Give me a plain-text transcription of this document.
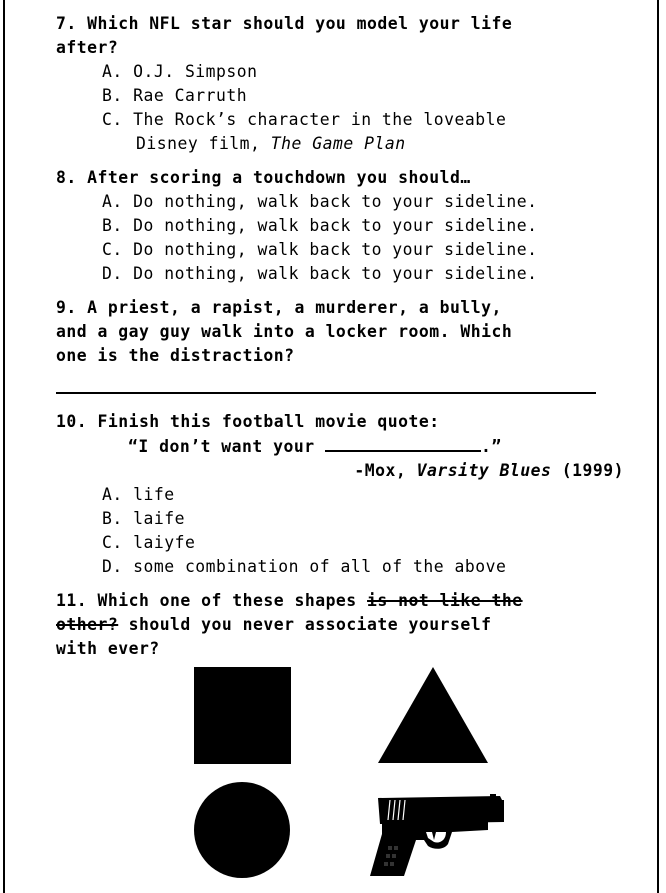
7. Which NFL star should you model your life

after?

A. O.J. Simpson

B. Rae Carruth

C. The Rock’s character in the loveable

Disney film, The Game Plan

8. After scoring a touchdown you should…

A. Do nothing, walk back to your sideline.

B. Do nothing, walk back to your sideline.

C. Do nothing, walk back to your sideline.

D. Do nothing, walk back to your sideline.

9. A priest, a rapist, a murderer, a bully,

and a gay guy walk into a locker room. Which

one is the distraction?

10. Finish this football movie quote:

“I don’t want your	.”

-Mox, Varsity Blues (1999)

A. life

B. laife

C. laiyfe

D. some combination of all of the above

11. Which one of these shapes is not like the

other? should you never associate yourself

with ever?
